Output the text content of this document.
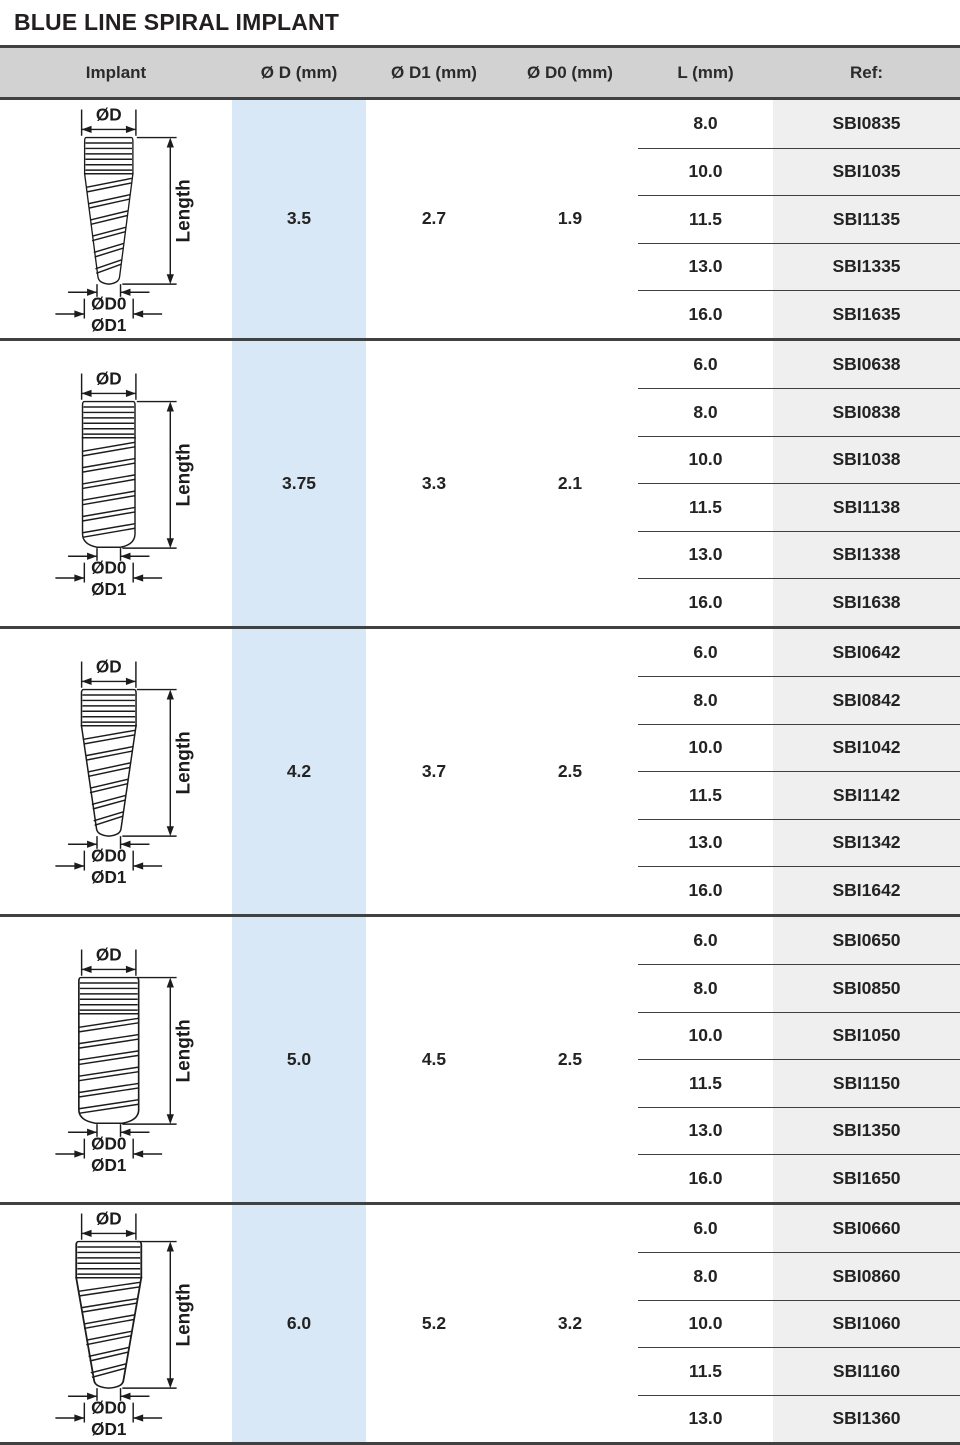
BLUE LINE SPIRAL IMPLANT
Implant	Ø D (mm)	Ø D1 (mm)	Ø D0 (mm)	L (mm)	Ref:
ØD
Length
ØD0
ØD1
3.5	2.7	1.9
8.0	SBI0835
10.0	SBI1035
11.5	SBI1135
13.0	SBI1335
16.0	SBI1635
ØD
Length
ØD0
ØD1
3.75	3.3	2.1
6.0	SBI0638
8.0	SBI0838
10.0	SBI1038
11.5	SBI1138
13.0	SBI1338
16.0	SBI1638
ØD
Length
ØD0
ØD1
4.2	3.7	2.5
6.0	SBI0642
8.0	SBI0842
10.0	SBI1042
11.5	SBI1142
13.0	SBI1342
16.0	SBI1642
ØD
Length
ØD0
ØD1
5.0	4.5	2.5
6.0	SBI0650
8.0	SBI0850
10.0	SBI1050
11.5	SBI1150
13.0	SBI1350
16.0	SBI1650
ØD
Length
ØD0
ØD1
6.0	5.2	3.2
6.0	SBI0660
8.0	SBI0860
10.0	SBI1060
11.5	SBI1160
13.0	SBI1360
